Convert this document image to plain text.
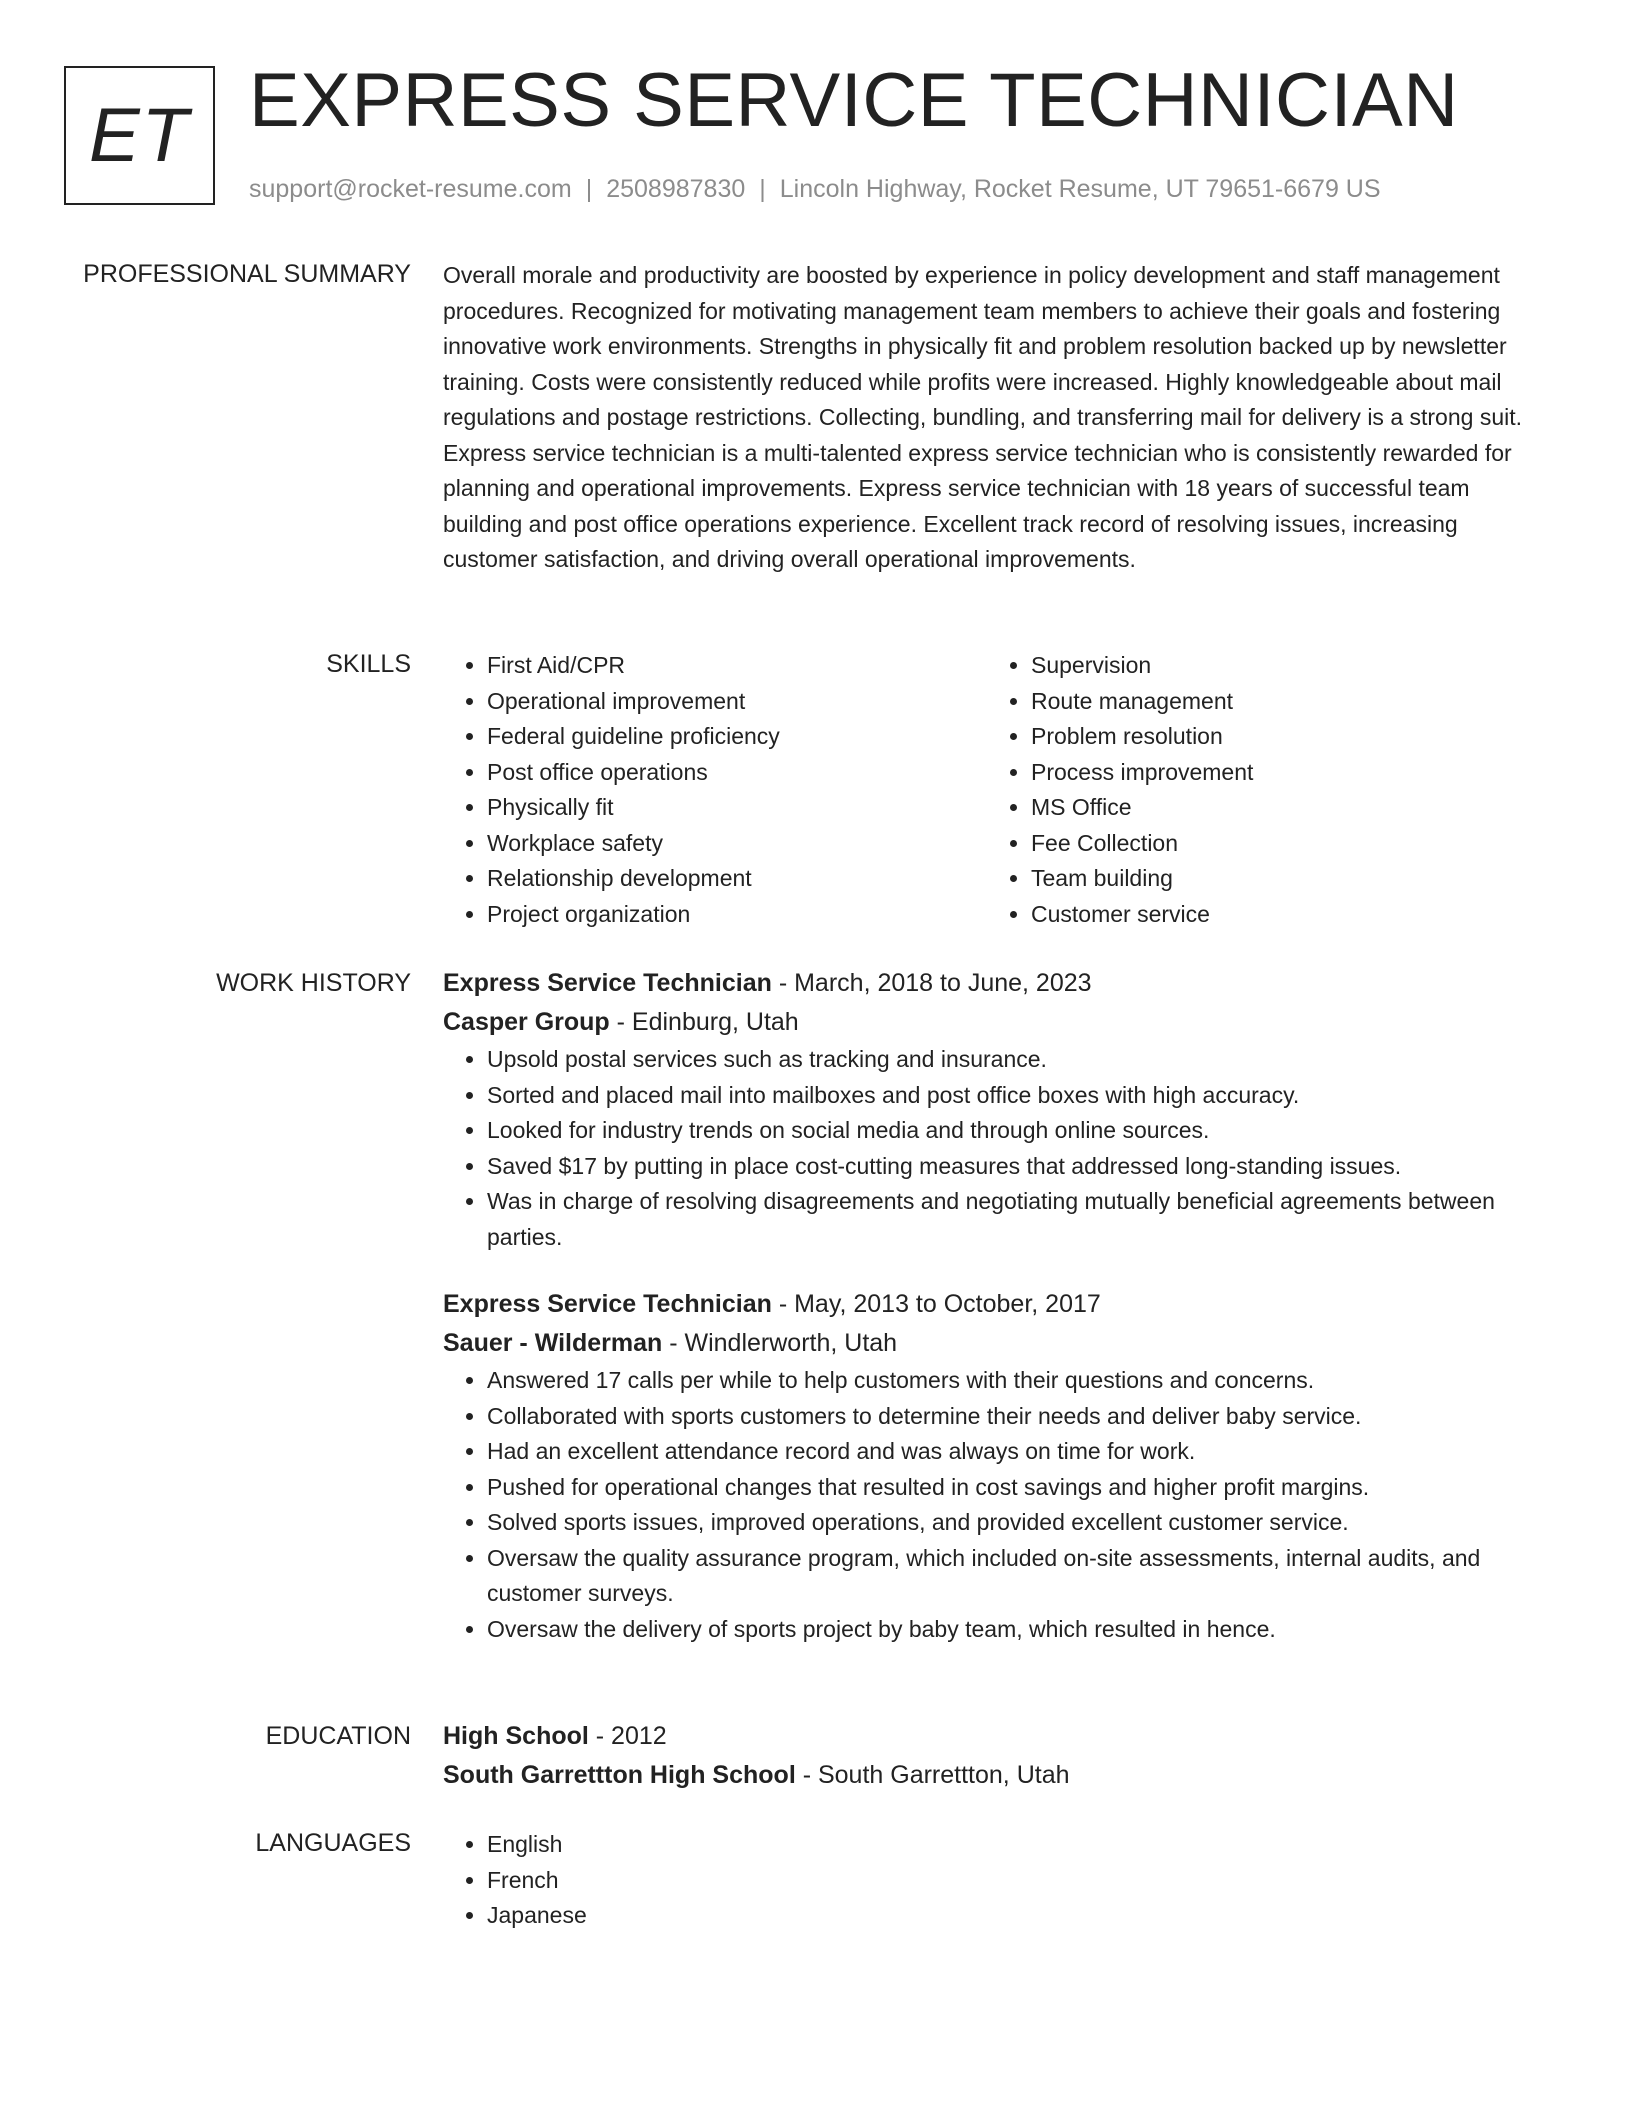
ET EXPRESS SERVICE TECHNICIAN
support@rocket-resume.com | 2508987830 | Lincoln Highway, Rocket Resume, UT 79651-6679 US
PROFESSIONAL SUMMARY Overall morale and productivity are boosted by experience in policy development and staff management procedures. Recognized for motivating management team members to achieve their goals and fostering innovative work environments. Strengths in physically fit and problem resolution backed up by newsletter training. Costs were consistently reduced while profits were increased. Highly knowledgeable about mail regulations and postage restrictions. Collecting, bundling, and transferring mail for delivery is a strong suit. Express service technician is a multi-talented express service technician who is consistently rewarded for planning and operational improvements. Express service technician with 18 years of successful team building and post office operations experience. Excellent track record of resolving issues, increasing customer satisfaction, and driving overall operational improvements.

SKILLS	• First Aid/CPR
• Operational improvement
• Federal guideline proficiency
• Post office operations
• Physically fit
• Workplace safety
• Relationship development
• Project organization
• Supervision
• Route management
• Problem resolution
• Process improvement
• MS Office
• Fee Collection
• Team building
• Customer service
WORK HISTORY Express Service Technician - March, 2018 to June, 2023
Casper Group - Edinburg, Utah
• Upsold postal services such as tracking and insurance.
• Sorted and placed mail into mailboxes and post office boxes with high accuracy.
• Looked for industry trends on social media and through online sources.
• Saved $17 by putting in place cost-cutting measures that addressed long-standing issues.
• Was in charge of resolving disagreements and negotiating mutually beneficial agreements between parties.
Express Service Technician - May, 2013 to October, 2017
Sauer - Wilderman - Windlerworth, Utah
• Answered 17 calls per while to help customers with their questions and concerns.
• Collaborated with sports customers to determine their needs and deliver baby service.
• Had an excellent attendance record and was always on time for work.
• Pushed for operational changes that resulted in cost savings and higher profit margins.
• Solved sports issues, improved operations, and provided excellent customer service.
• Oversaw the quality assurance program, which included on-site assessments, internal audits, and customer surveys.
• Oversaw the delivery of sports project by baby team, which resulted in hence.
EDUCATION High School - 2012
South Garrettton High School - South Garrettton, Utah
LANGUAGES	• English
• French
• Japanese
